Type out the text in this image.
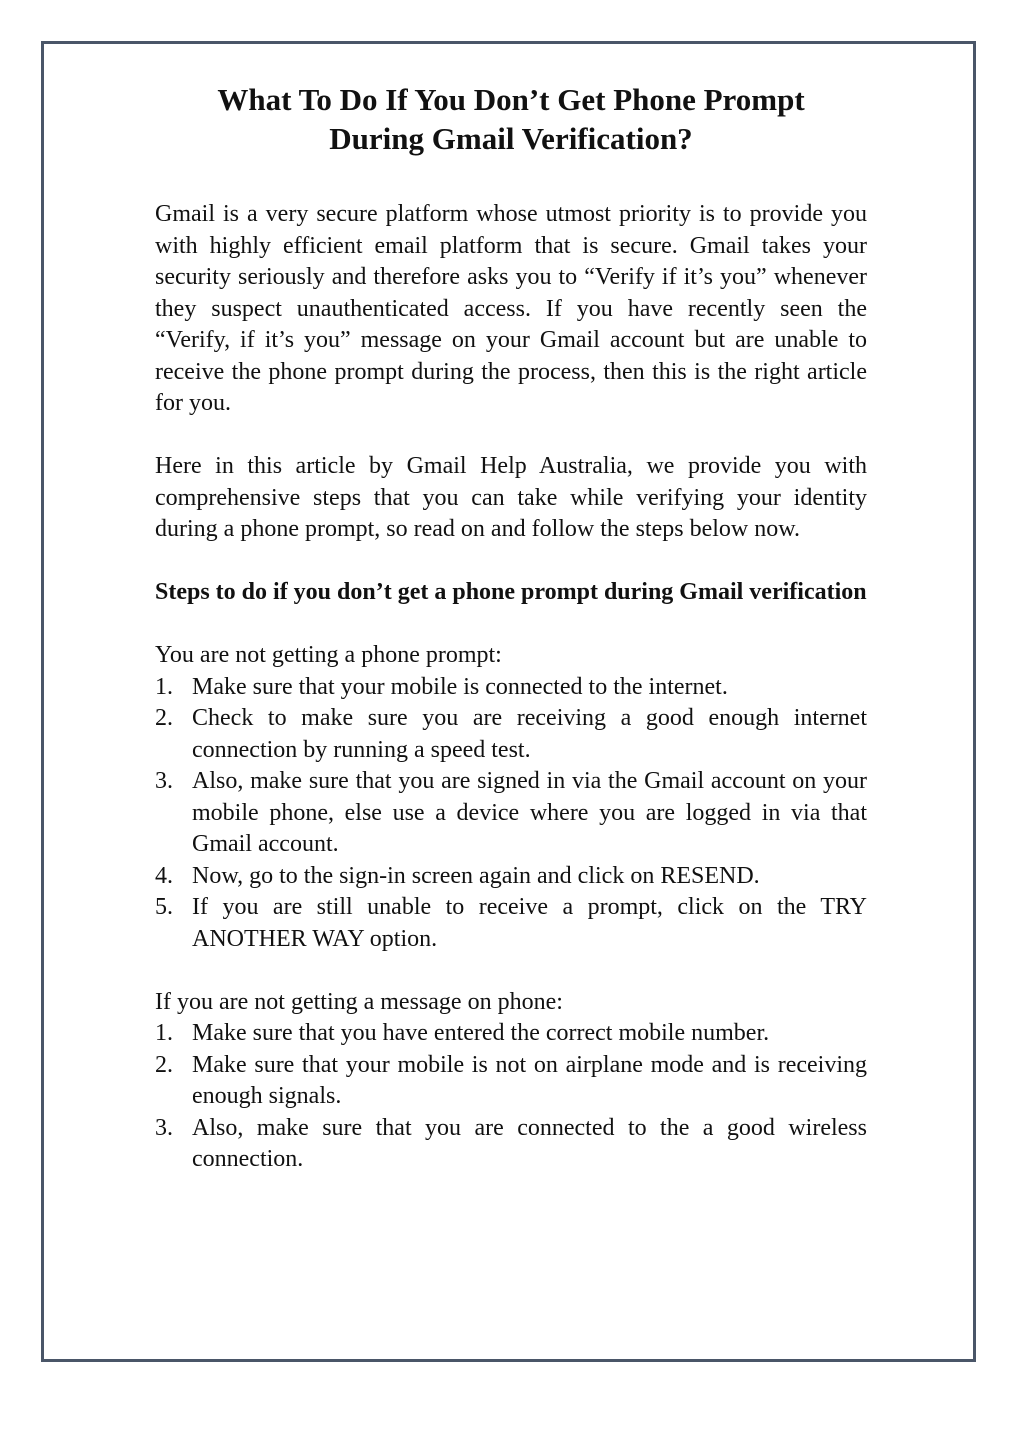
What To Do If You Don’t Get Phone Prompt
During Gmail Verification?

Gmail is a very secure platform whose utmost priority is to provide you with highly efficient email platform that is secure. Gmail takes your security seriously and therefore asks you to “Verify if it’s you” whenever they suspect unauthenticated access. If you have recently seen the “Verify, if it’s you” message on your Gmail account but are unable to receive the phone prompt during the process, then this is the right article for you.

Here in this article by Gmail Help Australia, we provide you with comprehensive steps that you can take while verifying your identity during a phone prompt, so read on and follow the steps below now.

Steps to do if you don’t get a phone prompt during Gmail verification

You are not getting a phone prompt:

1. Make sure that your mobile is connected to the internet.
2. Check to make sure you are receiving a good enough internet connection by running a speed test.
3. Also, make sure that you are signed in via the Gmail account on your mobile phone, else use a device where you are logged in via that Gmail account.
4. Now, go to the sign-in screen again and click on RESEND.
5. If you are still unable to receive a prompt, click on the TRY ANOTHER WAY option.

If you are not getting a message on phone:

1. Make sure that you have entered the correct mobile number.
2. Make sure that your mobile is not on airplane mode and is receiving enough signals.
3. Also, make sure that you are connected to the a good wireless connection.
